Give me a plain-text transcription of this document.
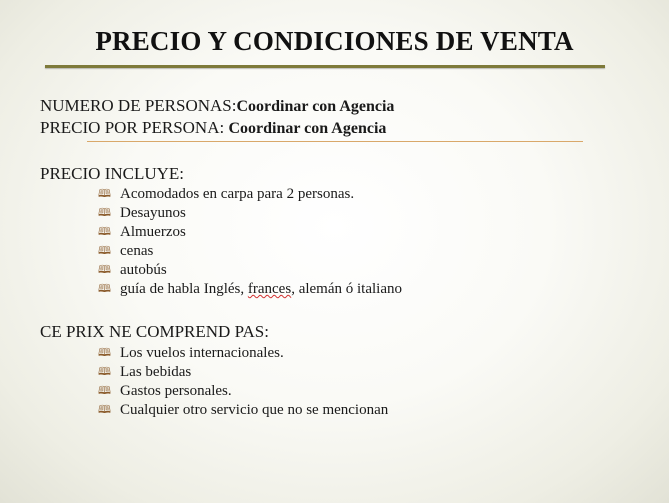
PRECIO Y CONDICIONES DE VENTA
NUMERO DE PERSONAS:Coordinar con Agencia
PRECIO POR PERSONA: Coordinar con Agencia
PRECIO INCLUYE:
🕮 Acomodados en carpa para 2 personas.
🕮 Desayunos
🕮 Almuerzos
🕮 cenas
🕮 autobús
🕮 guía de habla Inglés, frances, alemán ó italiano
CE PRIX NE COMPREND PAS:
🕮 Los vuelos internacionales.
🕮 Las bebidas
🕮 Gastos personales.
🕮 Cualquier otro servicio que no se mencionan
